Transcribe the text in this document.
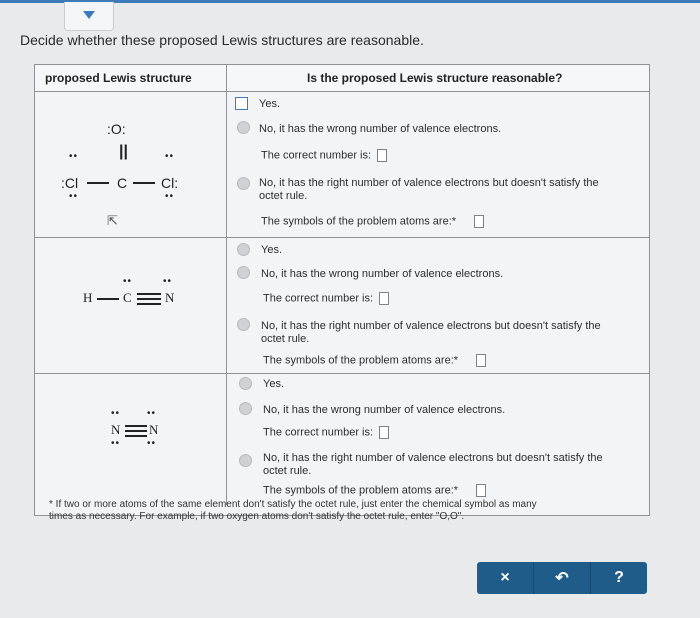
Decide whether these proposed Lewis structures are reasonable.
proposed Lewis structure	Is the proposed Lewis structure reasonable?
:O:
||
••	••
:Cl	C Cl:
••	••
⇱
Yes.
No, it has the wrong number of valence electrons.
The correct number is:
No, it has the right number of valence electrons but doesn't satisfy the
octet rule.
The symbols of the problem atoms are:*
••	••
H C	N
Yes.
No, it has the wrong number of valence electrons.
The correct number is:
No, it has the right number of valence electrons but doesn't satisfy the
octet rule.
The symbols of the problem atoms are:*
••	••
N N
••	••
Yes.
No, it has the wrong number of valence electrons.
The correct number is:
No, it has the right number of valence electrons but doesn't satisfy the
octet rule.
The symbols of the problem atoms are:*
* If two or more atoms of the same element don't satisfy the octet rule, just enter the chemical symbol as many
times as necessary. For example, if two oxygen atoms don't satisfy the octet rule, enter "O,O".
×	↶	?
